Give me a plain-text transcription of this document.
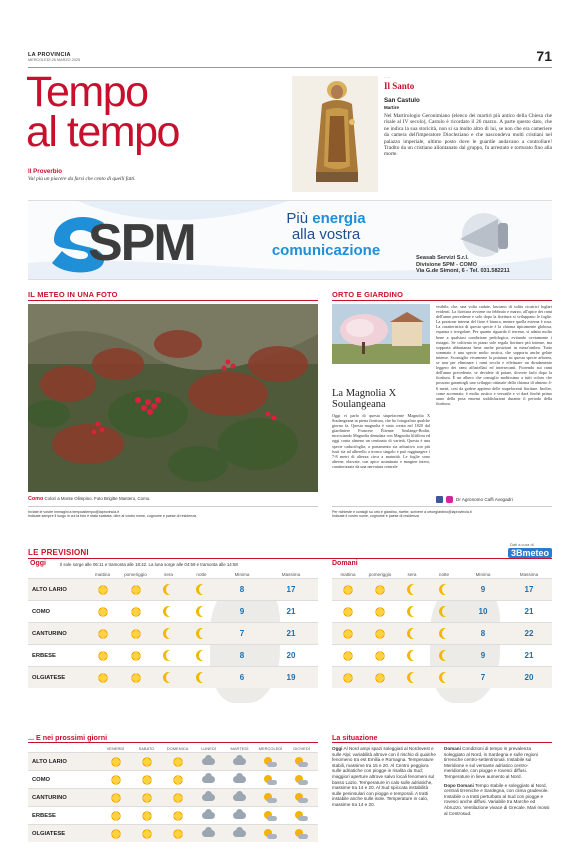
LA PROVINCIA
MERCOLEDÌ 26 MARZO 2025	71
Tempo
al tempo
Il Proverbio
Val più un piacere da farsi che cento di quelli fatti.
·····
Il Santo
San Castulo
Martire
Nel Martirologio Geronimiano (elenco dei martiri più antico della Chiesa che risale al IV secolo), Castulo è ricordato il 26 marzo. A parte questo dato, che ne indica la sua storicità, non si sa molto altro di lui, se non che era cameriere da camera dell'imperatore Diocleziano e che nascondeva molti cristiani nel palazzo imperiale, ultimo posto dove le guardie andavano a controllare! Tradito da un cristiano allontanato dal gruppo, fu arrestato e torturato fino alla morte.
SPM	Più energia
alla vostra
comunicazione	Seasab Servizi S.r.l.
Divisione SPM - COMO
Via G.de Simoni, 6 - Tel. 031.582211
IL METEO IN UNA FOTO
Como Colori a Monte Olimpino. Foto Brigitte Mantero, Como.
Inviate le vostre immagini a tempoaltempo@laprovincia.it
Indicate sempre il luogo in cui la foto è stata scattata, oltre al vostro nome, cognome e paese di residenza.
ORTO E GIARDINO
La Magnolia X
Soulangeana
Oggi vi parlo di questa stupefacente Magnolia X Soulangeana in piena fioritura, che ho fotografato qualche giorno fa. Questa magnolia è stata creata nel 1820 dal giardiniere Francese Étienne Soulange-Bodin, incrociando Magnolia denudata con Magnolia liliiflora ed oggi conta almeno un centinaio di varietà. Questa è una specie caducifoglia, a portamento sia arbustivo con più fusti sia ad alberello a tronco singolo e può raggiungere i 7-8 metri di altezza circa a maturità. Le foglie sono alterne, obovate, con apice acuminato e margine intero, caratterizzate da una nervatura centrale
visibile, che, una volta cadute, lasciano di solito cicatrici foglari evidenti. La fioritura avviene tra febbraio e marzo, all'apice dei rami dell'anno precedente e solo dopo la fioritura si sviluppano le foglie. La porzione interna del fiore è bianca, mentre quella esterna è rosa. La caratteristica di questa specie è la chioma tipicamente globosa, espansa e irregolare. Per quanto riguarda il terreno, si adatta molto bene a qualsiasi condizione pedologica, evitando ovviamente i ristagni. Se coltivata in piano sole regala fioriture più intense, ma sopporta abbastanza bene anche posizioni in mezz'ombra. Tutto sommato è una specie molto rustica, che sopporta anche gelate intense. Sconsiglio vivamente la potatura su questa specie arborea, se non per eliminare i rami secchi e effettuare un diradamento leggero dei rami affastellati ed intersecanti. Fiorendo sui rami dell'anno precedente, se decidete di potare, dovrete farlo dopo la fioritura. È un albero che consiglio moltissimo a tutti coloro che possono garantirgli uno sviluppo ottimale della chioma di almeno 4-6 metri, così da godere appieno delle stupefacenti fioriture. Inoltre, come accennato, è molto rustico e versatile e vi darà finché primo anno della posa enormi soddisfazioni durante il periodo della fioritura.
Dr Agronomo Caffi Avogadri
Per richieste e consigli su orto e giardino, ricette, scrivere a ortoegiardino@laprovincia.it
Indicate il vostro nome, cognome e paese di residenza
LE PREVISIONI
Dati a cura di
3Bmeteo
Oggi	Il sole sorge alle 06:11 e tramonta alle 18:42. La luna sorge alle 04:59 e tramonta alle 14:58
mattina	pomeriggio	sera	notte	Minima	Massima
ALTO LARIO	8	17
COMO	9	21
CANTURINO	7	21
ERBESE	8	20
OLGIATESE	6	19
Domani
mattina	pomeriggio	sera	notte	Minima	Massima
9	17
10	21
8	22
9	21
7	20
... E nei prossimi giorni
VENERDÌ	SABATO	DOMENICA	LUNEDÌ	MARTEDÌ	MERCOLEDÌ	GIOVEDÌ
ALTO LARIO
COMO
CANTURINO
ERBESE
OLGIATESE
La situazione
Oggi Al Nord ampi spazi soleggiati al Nordovest e sulle Alpi; variabilità altrove con il rischio di qualche fenomeno tra est Emilia e Romagna. Temperature stabili, massime tra 15 e 20. Al Centro peggiora sulle adriatiche con piogge in risalita da Sud; maggiori aperture altrove salvo locali fenomeni sul basso Lazio. Temperature in calo sulle adriatiche, massime tra 14 e 20. Al Sud spiccata instabilità sulle peninsulari con piogge e temporali. A tratti instabile anche sulle isole. Temperature in calo, massime tra 14 e 20.
Domani Condizioni di tempo in prevalenza soleggiato al Nord, in Sardegna e sulle regioni tirreniche centro-settentrionali. Instabile sul Meridione e sul versante adriatico centro-meridionale, con piogge e rovesci diffusi. Temperature in lieve aumento al Nord.
Dopo Domani Tempo stabile e soleggiato al Nord, centrali tirreniche e Sardegna, con clima gradevole. Instabile o a tratti perturbato al Sud con piogge e rovesci anche diffusi. Variabile tra Marche ed Abruzzo. Ventilazione vivace di Grecale. Mari mossi al Centrosud.
